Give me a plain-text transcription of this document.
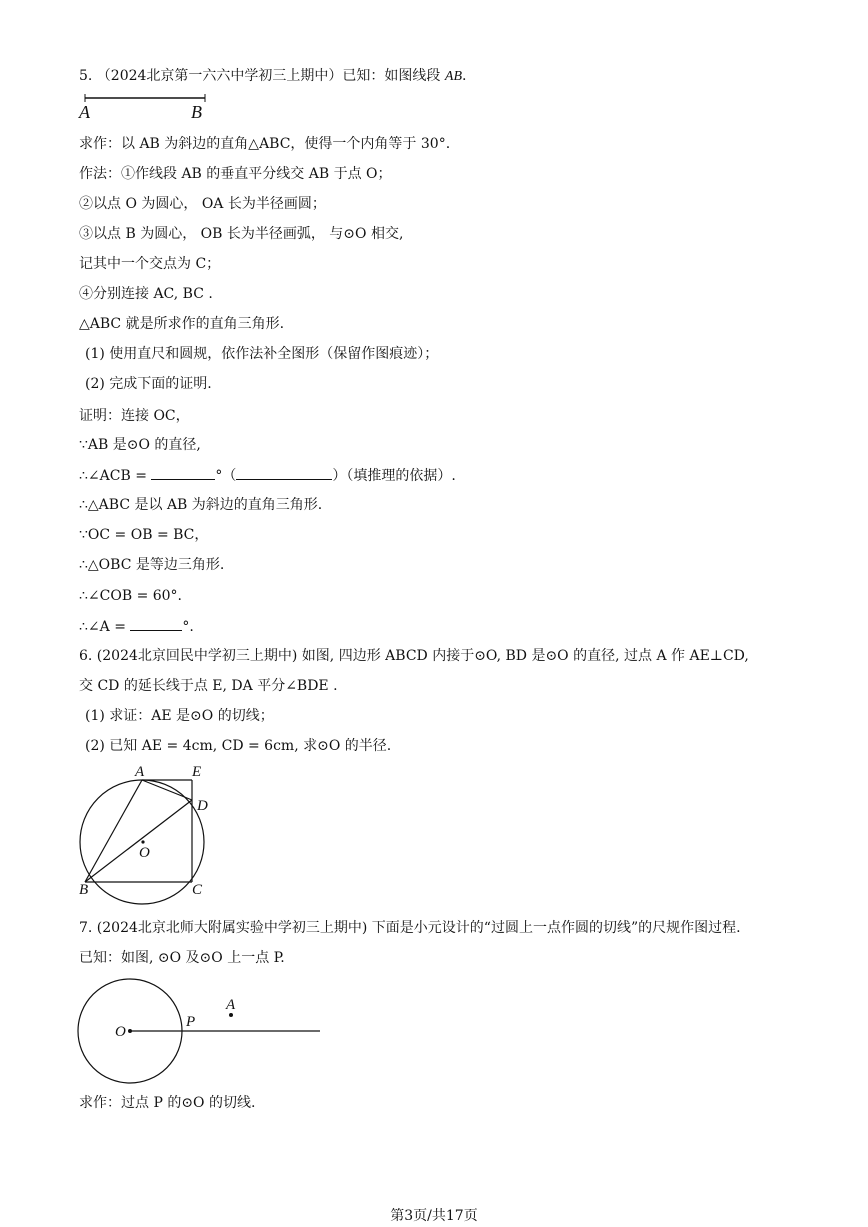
5. （2024北京第一六六中学初三上期中）已知：如图线段 AB.
A	B
求作：以 AB 为斜边的直角△ABC，使得一个内角等于 30°.
作法：①作线段 AB 的垂直平分线交 AB 于点 O；
②以点 O 为圆心， OA 长为半径画圆；
③以点 B 为圆心， OB 长为半径画弧， 与⊙O 相交,
记其中一个交点为 C；
④分别连接 AC, BC .
△ABC 就是所求作的直角三角形.
(1) 使用直尺和圆规，依作法补全图形（保留作图痕迹）；
(2) 完成下面的证明.
证明：连接 OC，
∵AB 是⊙O 的直径,
∴∠ACB =	°（	）（填推理的依据）.
∴△ABC 是以 AB 为斜边的直角三角形.
∵OC = OB = BC，
∴△OBC 是等边三角形.
∴∠COB = 60°.
∴∠A =	°.
6. (2024北京回民中学初三上期中) 如图, 四边形 ABCD 内接于⊙O, BD 是⊙O 的直径, 过点 A 作 AE⊥CD,
交 CD 的延长线于点 E, DA 平分∠BDE .
(1) 求证：AE 是⊙O 的切线；
(2) 已知 AE = 4cm, CD = 6cm, 求⊙O 的半径.
A	E
D
O
B	C
7. (2024北京北师大附属实验中学初三上期中) 下面是小元设计的“过圆上一点作圆的切线”的尺规作图过程.
已知：如图, ⊙O 及⊙O 上一点 P.
O
P
A
求作：过点 P 的⊙O 的切线.
第3页/共17页
